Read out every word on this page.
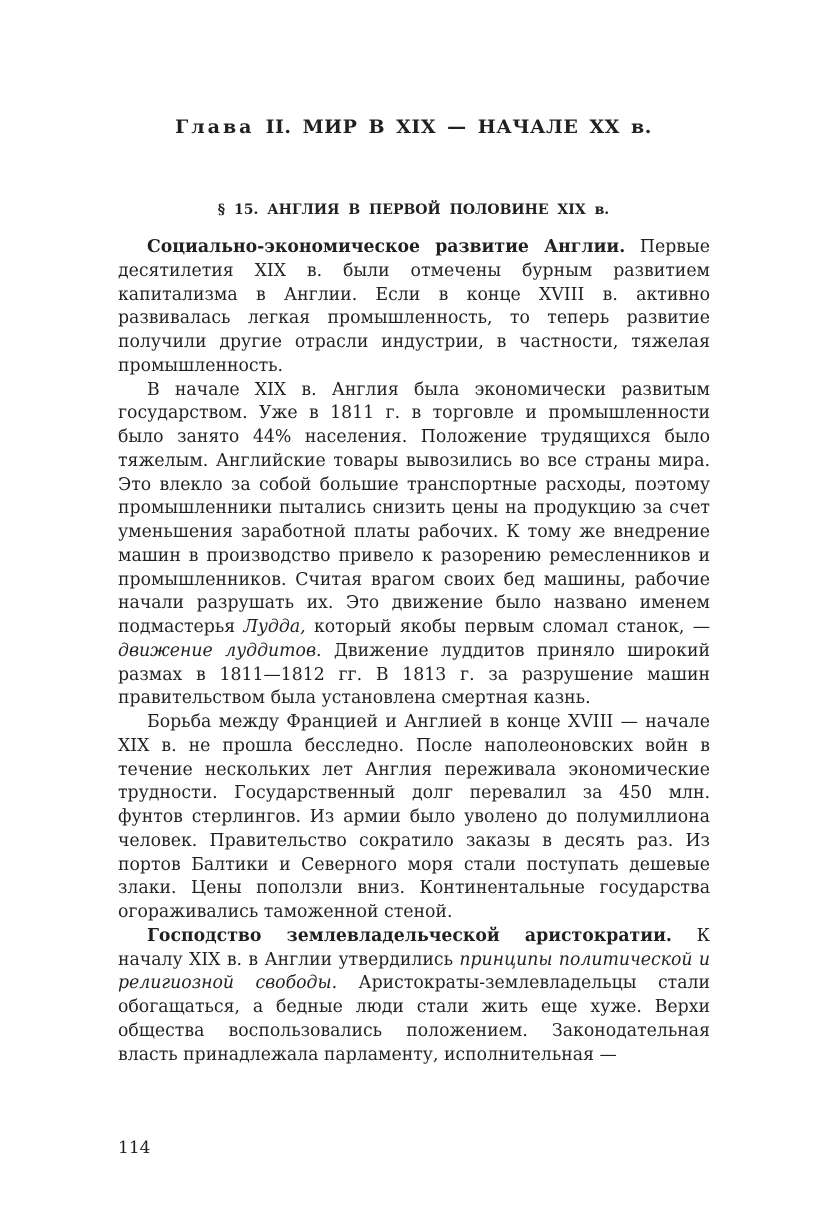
Глава II. МИР В XIX — НАЧАЛЕ XX в.
§ 15. АНГЛИЯ В ПЕРВОЙ ПОЛОВИНЕ XIX в.

Социально-экономическое развитие Англии. Первые десятилетия XIX в. были отмечены бурным развитием капитализма в Англии. Если в конце XVIII в. активно развивалась легкая промышленность, то теперь развитие получили другие отрасли индустрии, в частности, тяжелая промышленность.

В начале XIX в. Англия была экономически развитым государством. Уже в 1811 г. в торговле и промышленности было занято 44% населения. Положение трудящихся было тяжелым. Английские товары вывозились во все страны мира. Это влекло за собой большие транспортные расходы, поэтому промышленники пытались снизить цены на продукцию за счет уменьшения заработной платы рабочих. К тому же внедрение машин в производство привело к разорению ремесленников и промышленников. Считая врагом своих бед машины, рабочие начали разрушать их. Это движение было названо именем подмастерья Лудда, который якобы первым сломал станок, — движение луддитов. Движение луддитов приняло широкий размах в 1811—1812 гг. В 1813 г. за разрушение машин правительством была установлена смертная казнь.

Борьба между Францией и Англией в конце XVIII — начале XIX в. не прошла бесследно. После наполеоновских войн в течение нескольких лет Англия переживала экономические трудности. Государственный долг перевалил за 450 млн. фунтов стерлингов. Из армии было уволено до полумиллиона человек. Правительство сократило заказы в десять раз. Из портов Балтики и Северного моря стали поступать дешевые злаки. Цены поползли вниз. Континентальные государства огораживались таможенной стеной.

Господство землевладельческой аристократии. К началу XIX в. в Англии утвердились принципы политической и религиозной свободы. Аристократы-землевладельцы стали обогащаться, а бедные люди стали жить еще хуже. Верхи общества воспользовались положением. Законодательная власть принадлежала парламенту, исполнительная —

114
